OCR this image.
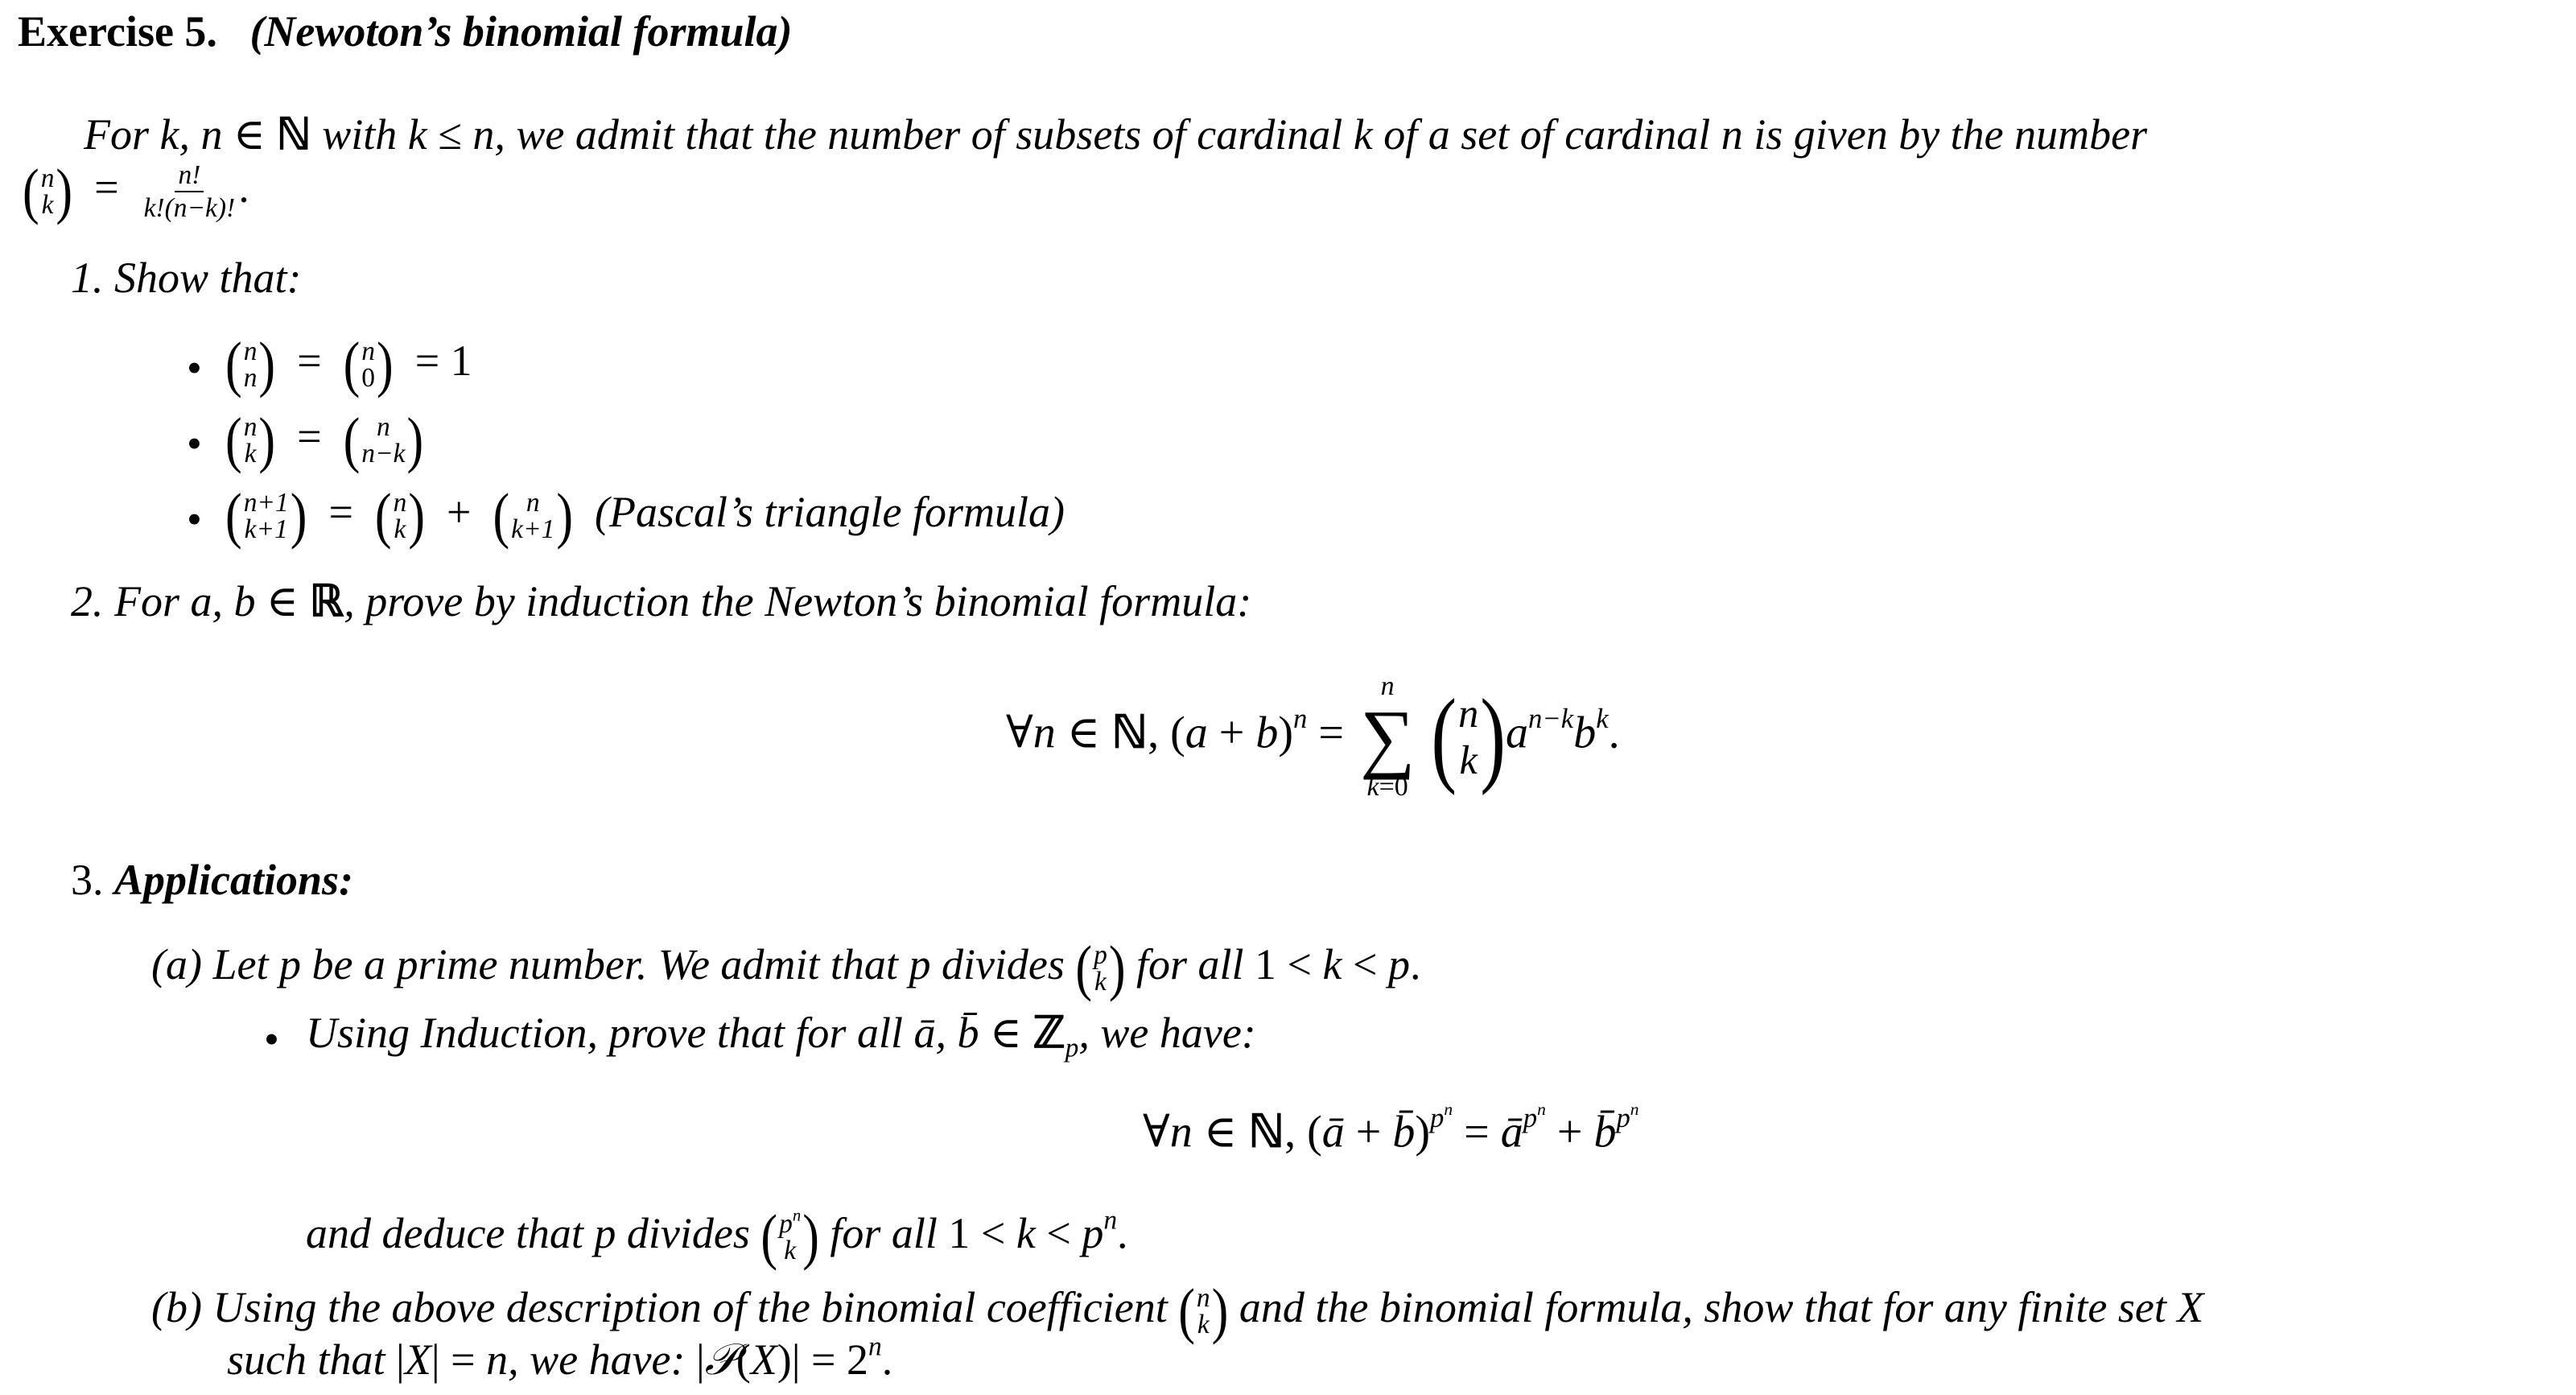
Exercise 5. (Newoton’s binomial formula)
For k, n ∈ ℕ with k ≤ n, we admit that the number of subsets of cardinal k of a set of cardinal n is given by the number
( n
k )  = $\frac{n!}{k!(n-k)!}$ .
1. Show that:
• ( n
n )  =  ( n
0 )  = 1
• ( n
k )  =  ( n
n−k )
• ( n+1
k+1 )  =  ( n
k )  +  ( n
k+1 ) (Pascal’s triangle formula)
2. For a, b ∈ ℝ, prove by induction the Newton’s binomial formula:
∀n ∈ ℕ, $(a + b)^n$ =
n
∑
k=0 ( n
k )$a^{n-k}b^k$.
3. Applications:
(a) Let p be a prime number. We admit that p divides ( p
k ) for all 1 < k < p.
• Using Induction, prove that for all ā, b̄ ∈ ℤ$_p$, we have:
∀n ∈ ℕ, (ā + b̄)$^{p^n}$ = $ā^{p^n}$ + b̄$^{p^n}$
and deduce that p divides ( $p^n$
k ) for all $1 < k < p^n$.
(b) Using the above description of the binomial coefficient ( n
k ) and the binomial formula, show that for any finite set X
such that |X| = n, we have: |𝒫(X)| = $2^n$.
